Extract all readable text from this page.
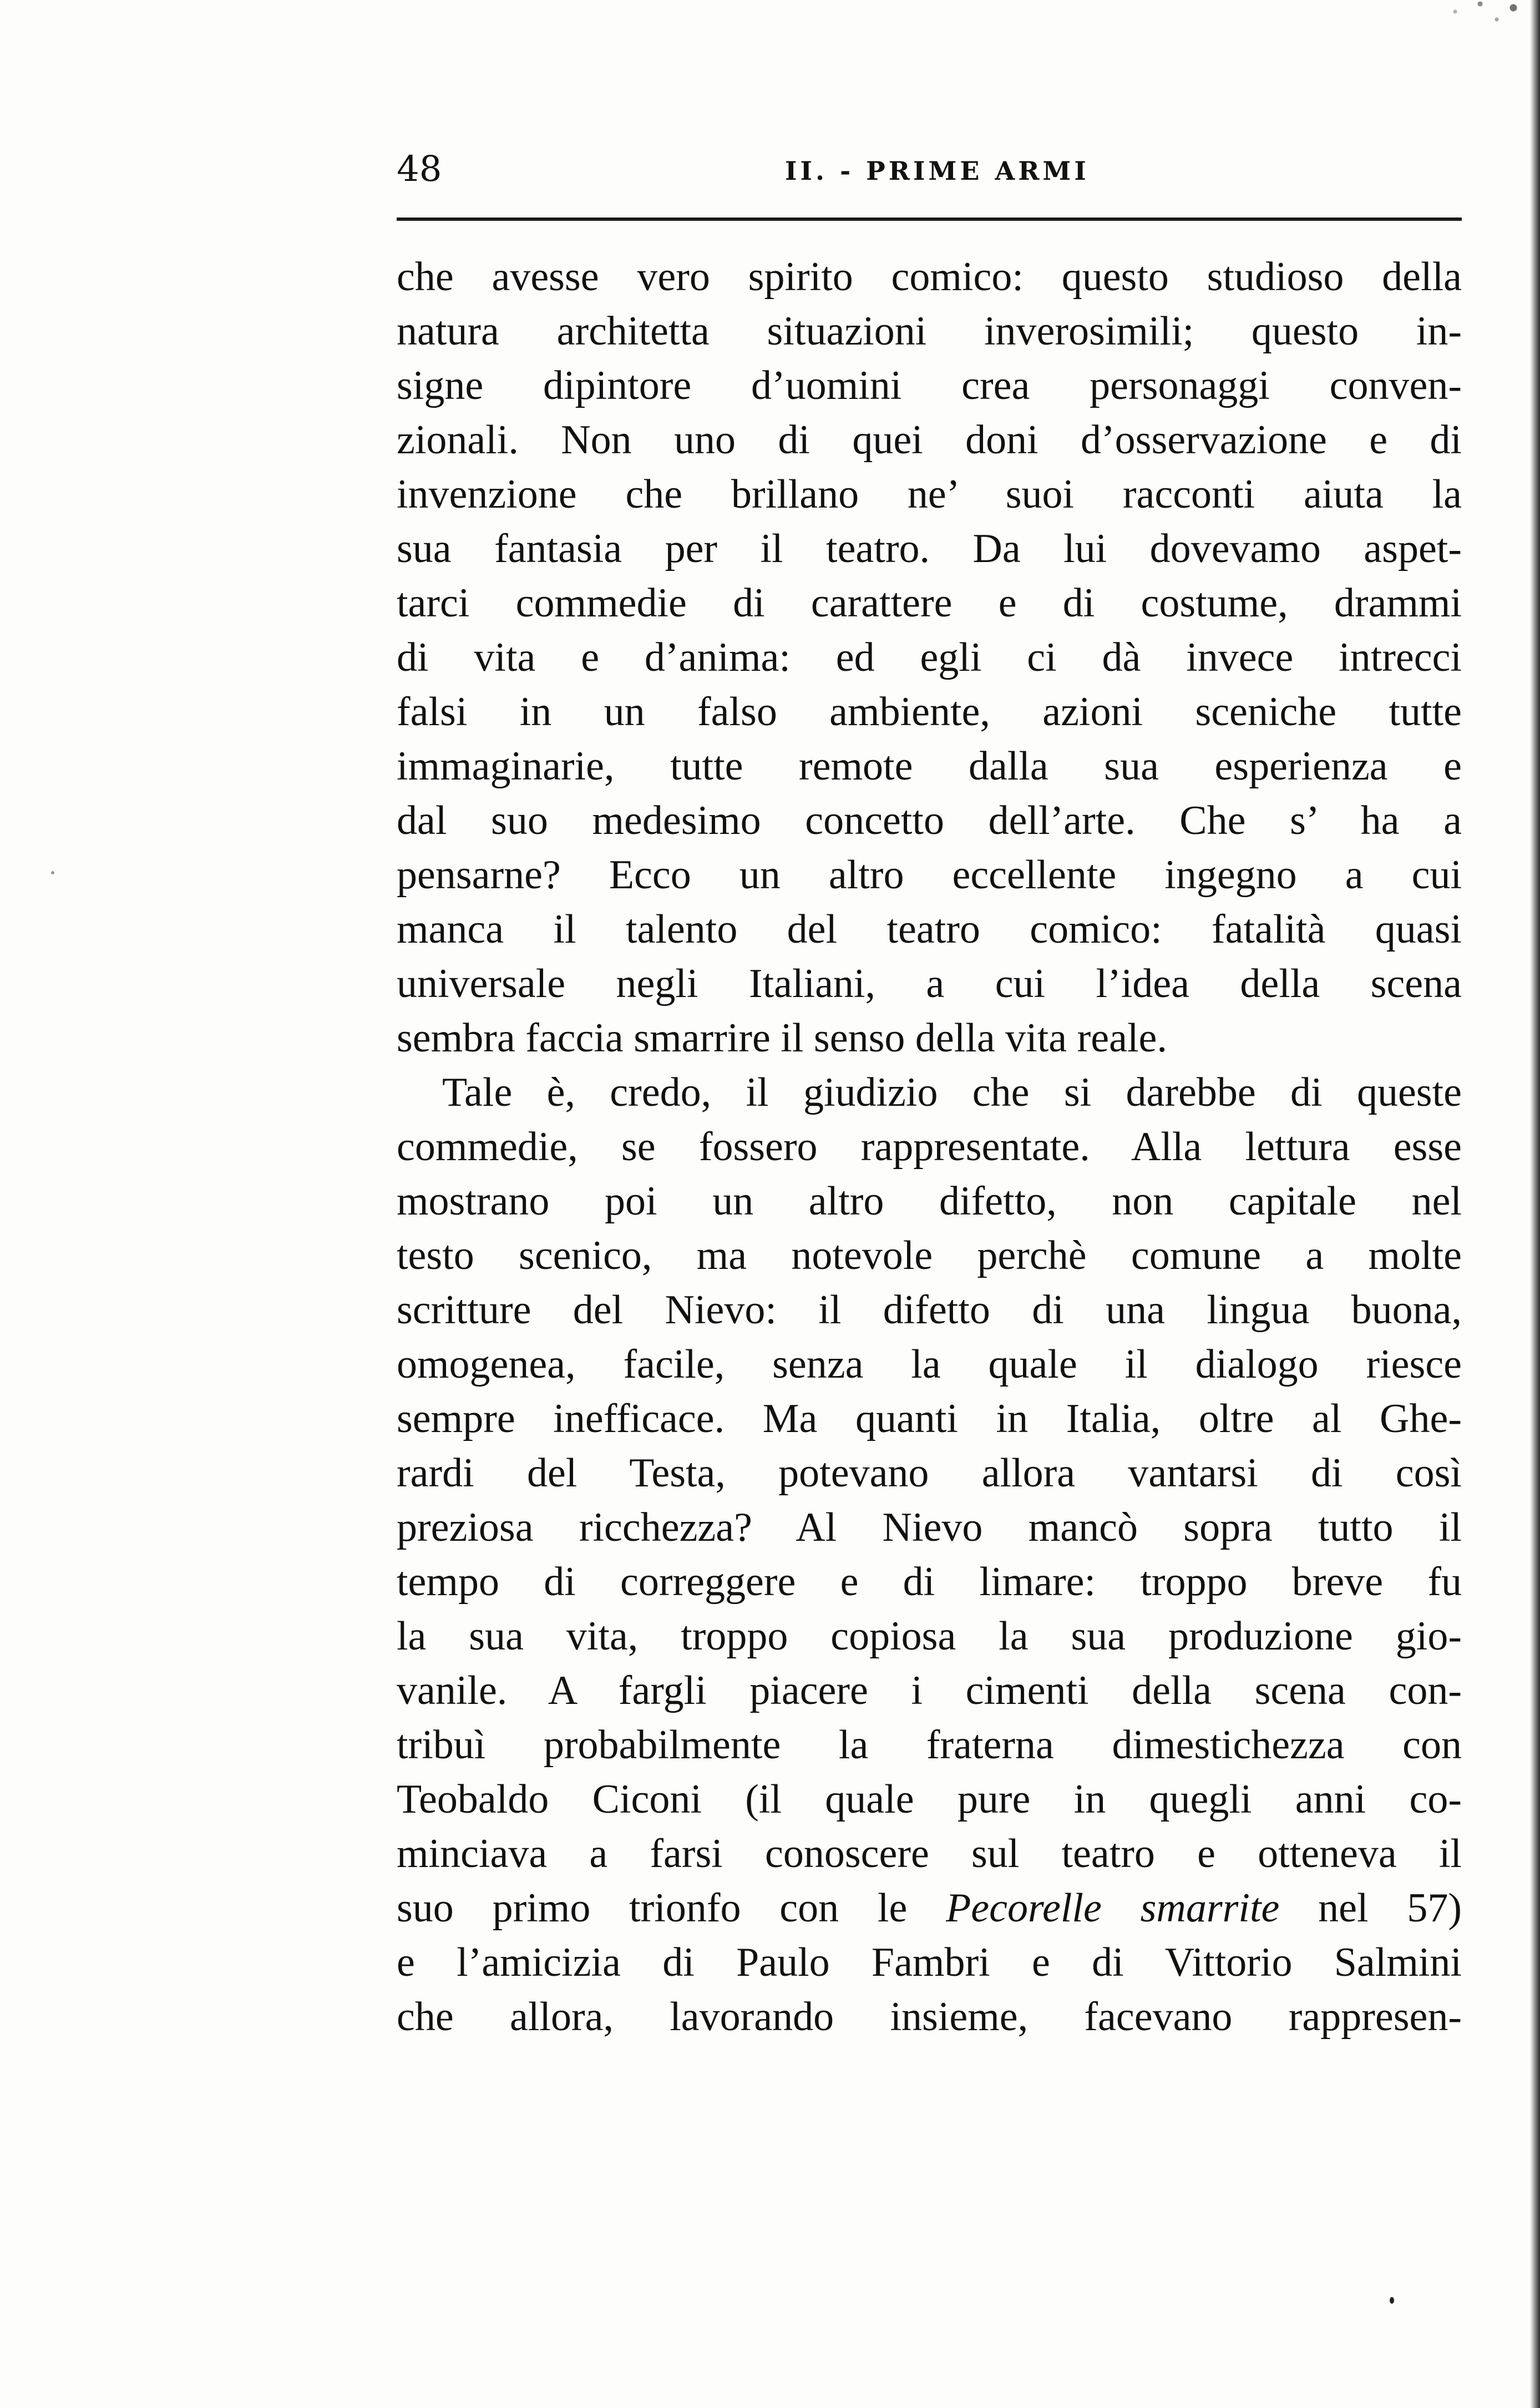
48	II. - PRIME ARMI
che avesse vero spirito comico: questo studioso della
natura architetta situazioni inverosimili; questo in-
signe dipintore d’uomini crea personaggi conven-
zionali. Non uno di quei doni d’osservazione e di
invenzione che brillano ne’ suoi racconti aiuta la
sua fantasia per il teatro. Da lui dovevamo aspet-
tarci commedie di carattere e di costume, drammi
di vita e d’anima: ed egli ci dà invece intrecci
falsi in un falso ambiente, azioni sceniche tutte
immaginarie, tutte remote dalla sua esperienza e
dal suo medesimo concetto dell’arte. Che s’ ha a
pensarne? Ecco un altro eccellente ingegno a cui
manca il talento del teatro comico: fatalità quasi
universale negli Italiani, a cui l’idea della scena
sembra faccia smarrire il senso della vita reale.
Tale è, credo, il giudizio che si darebbe di queste
commedie, se fossero rappresentate. Alla lettura esse
mostrano poi un altro difetto, non capitale nel
testo scenico, ma notevole perchè comune a molte
scritture del Nievo: il difetto di una lingua buona,
omogenea, facile, senza la quale il dialogo riesce
sempre inefficace. Ma quanti in Italia, oltre al Ghe-
rardi del Testa, potevano allora vantarsi di così
preziosa ricchezza? Al Nievo mancò sopra tutto il
tempo di correggere e di limare: troppo breve fu
la sua vita, troppo copiosa la sua produzione gio-
vanile. A fargli piacere i cimenti della scena con-
tribuì probabilmente la fraterna dimestichezza con
Teobaldo Ciconi (il quale pure in quegli anni co-
minciava a farsi conoscere sul teatro e otteneva il
suo primo trionfo con le Pecorelle smarrite nel 57)
e l’amicizia di Paulo Fambri e di Vittorio Salmini
che allora, lavorando insieme, facevano rappresen-
